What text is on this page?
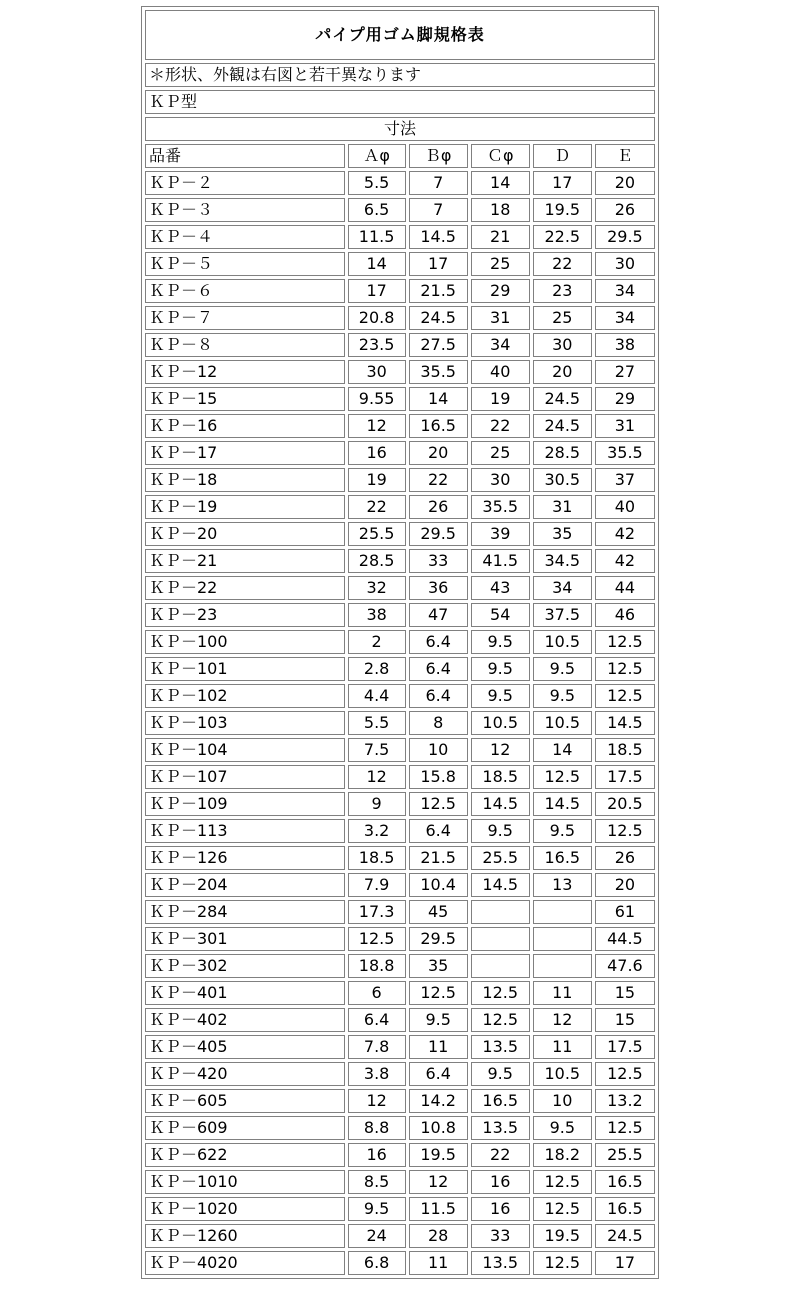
パイプ用ゴム脚規格表					
＊形状、外観は右図と若干異なります					
ＫＰ型					
寸法					
品番	Ａφ	Ｂφ	Ｃφ	Ｄ	Ｅ
ＫＰ－２	5.5	7	14	17	20
ＫＰ－３	6.5	7	18	19.5	26
ＫＰ－４	11.5	14.5	21	22.5	29.5
ＫＰ－５	14	17	25	22	30
ＫＰ－６	17	21.5	29	23	34
ＫＰ－７	20.8	24.5	31	25	34
ＫＰ－８	23.5	27.5	34	30	38
ＫＰ－12	30	35.5	40	20	27
ＫＰ－15	9.55	14	19	24.5	29
ＫＰ－16	12	16.5	22	24.5	31
ＫＰ－17	16	20	25	28.5	35.5
ＫＰ－18	19	22	30	30.5	37
ＫＰ－19	22	26	35.5	31	40
ＫＰ－20	25.5	29.5	39	35	42
ＫＰ－21	28.5	33	41.5	34.5	42
ＫＰ－22	32	36	43	34	44
ＫＰ－23	38	47	54	37.5	46
ＫＰ－100	2	6.4	9.5	10.5	12.5
ＫＰ－101	2.8	6.4	9.5	9.5	12.5
ＫＰ－102	4.4	6.4	9.5	9.5	12.5
ＫＰ－103	5.5	8	10.5	10.5	14.5
ＫＰ－104	7.5	10	12	14	18.5
ＫＰ－107	12	15.8	18.5	12.5	17.5
ＫＰ－109	9	12.5	14.5	14.5	20.5
ＫＰ－113	3.2	6.4	9.5	9.5	12.5
ＫＰ－126	18.5	21.5	25.5	16.5	26
ＫＰ－204	7.9	10.4	14.5	13	20
ＫＰ－284	17.3	45			61
ＫＰ－301	12.5	29.5			44.5
ＫＰ－302	18.8	35			47.6
ＫＰ－401	6	12.5	12.5	11	15
ＫＰ－402	6.4	9.5	12.5	12	15
ＫＰ－405	7.8	11	13.5	11	17.5
ＫＰ－420	3.8	6.4	9.5	10.5	12.5
ＫＰ－605	12	14.2	16.5	10	13.2
ＫＰ－609	8.8	10.8	13.5	9.5	12.5
ＫＰ－622	16	19.5	22	18.2	25.5
ＫＰ－1010	8.5	12	16	12.5	16.5
ＫＰ－1020	9.5	11.5	16	12.5	16.5
ＫＰ－1260	24	28	33	19.5	24.5
ＫＰ－4020	6.8	11	13.5	12.5	17
